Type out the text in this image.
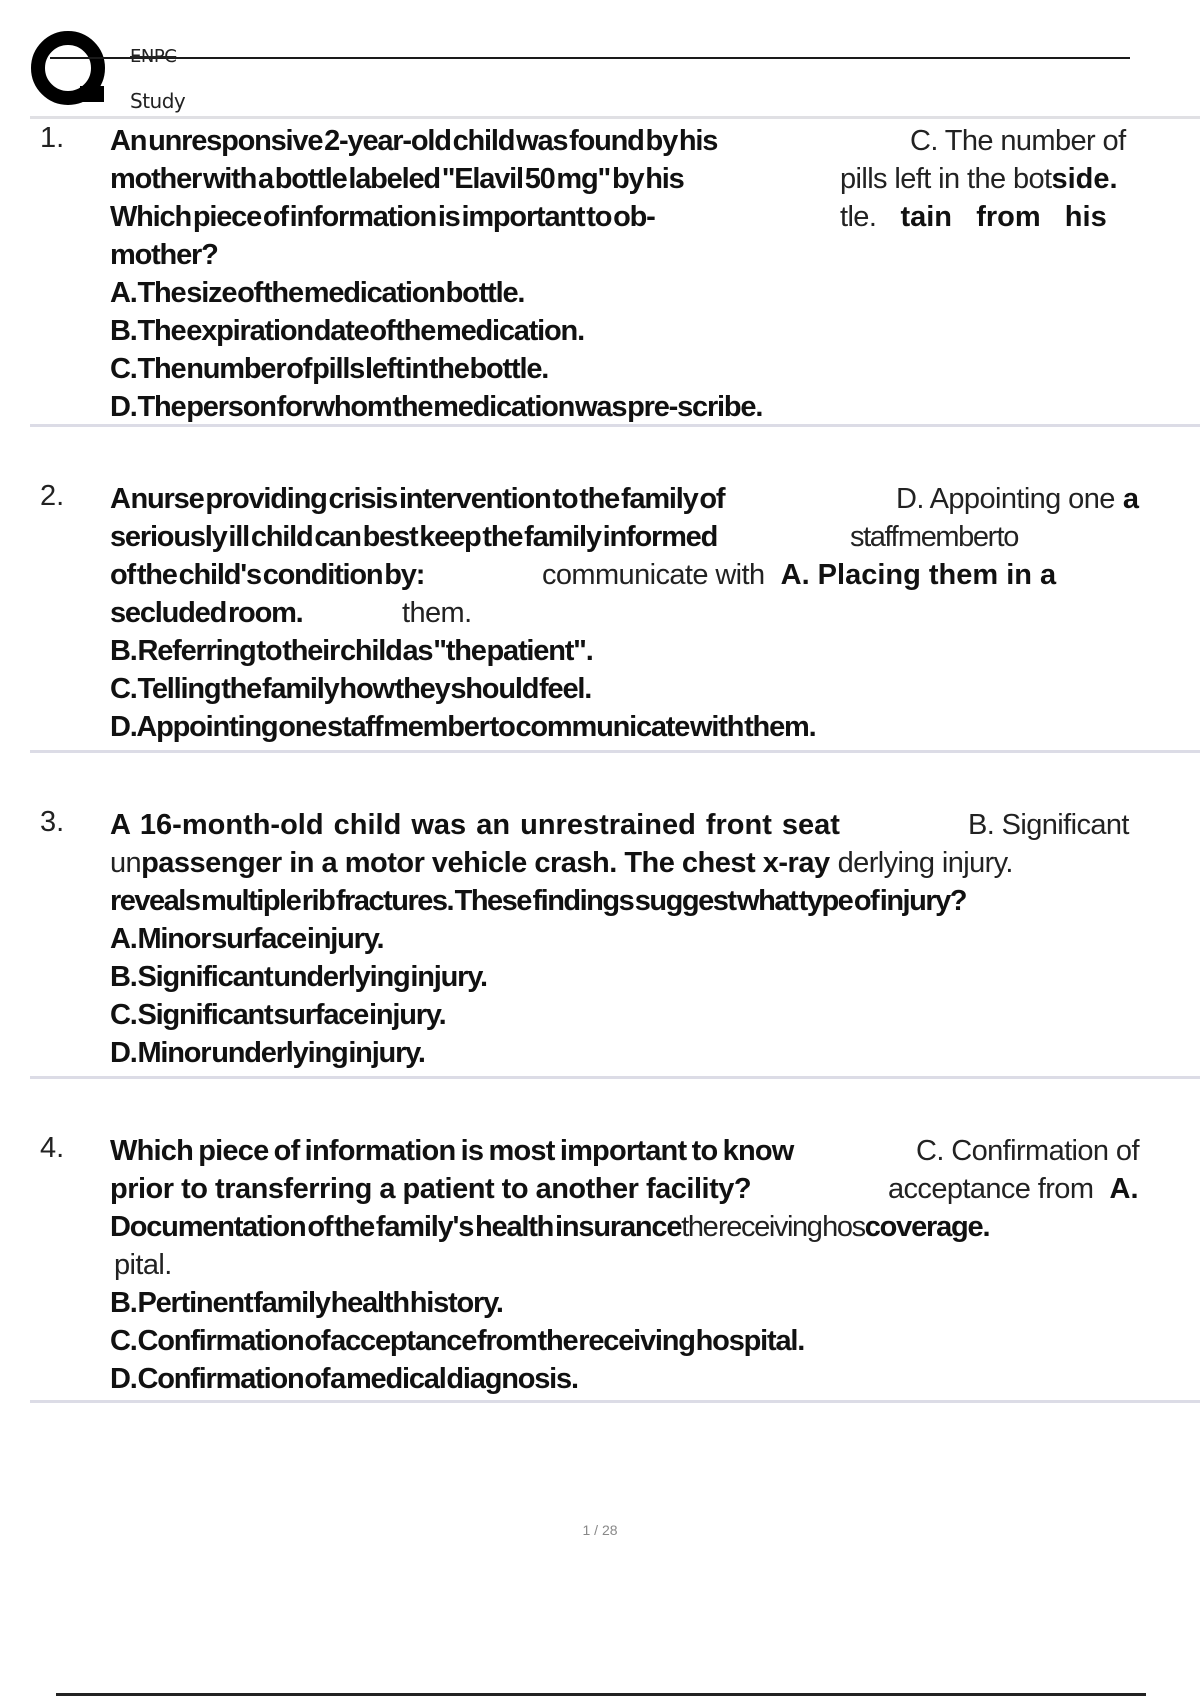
ENPC
Study
1. An unresponsive 2-year-old child was found by his	C. The number of
mother with a bottle labeled "Elavil 50 mg" by his	pills left in the botside.
Which piece of information is important to ob-	tle. tain   from   his
mother?
A. The size of the medication bottle.
B. The expiration date of the medication.
C. The number of pills left in the bottle.
D. The person for whom the medication was pre-scribe.
2. A nurse providing crisis intervention to the family of	D. Appointing one a
seriously ill child can best keep the family informed	staff member to
of the child's condition by:	communicate with A. Placing them in a
secluded room.	them.
B. Referring to their child as "the patient".
C. Telling the family how they should feel.
D. Appointing one staff member to communicate with them.
3. A 16-month-old child was an unrestrained front seat	B. Significant
unpassenger in a motor vehicle crash. The chest x-ray derlying injury.
reveals multiple rib fractures. These findings suggest what type of injury?
A. Minor surface injury.
B. Significant underlying injury.
C. Significant surface injury.
D. Minor underlying injury.
4. Which piece of information is most important to know	C. Confirmation of
prior to transferring a patient to another facility?	acceptance from A.
Documentation of the family's health insurancethe receiving hoscoverage.
pital.
B. Pertinent family health history.
C. Confirmation of acceptance from the receiving hospital.
D. Confirmation of a medical diagnosis.
1 / 28
